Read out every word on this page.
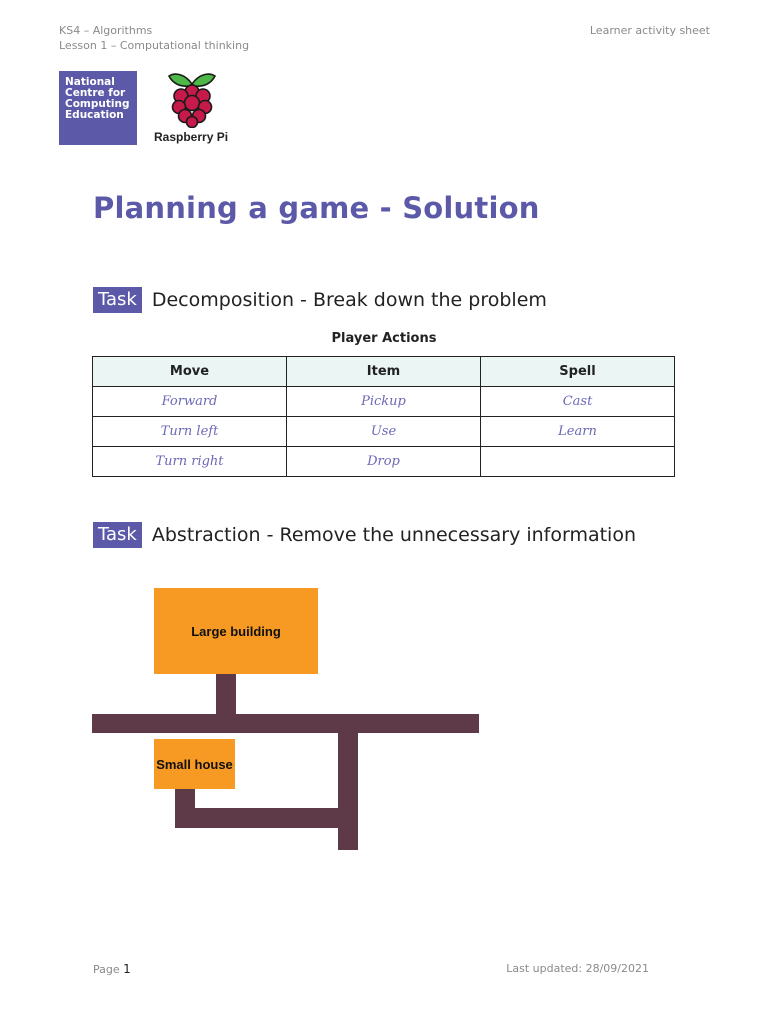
KS4 – Algorithms
Lesson 1 – Computational thinking
Learner activity sheet
National
Centre for
Computing
Education
Raspberry Pi
Planning a game - Solution
Task Decomposition - Break down the problem
Player Actions
Move	Item	Spell
Forward	Pickup	Cast
Turn left	Use	Learn
Turn right	Drop	
Task Abstraction - Remove the unnecessary information
Large building
Small house
Page 1	Last updated: 28/09/2021
